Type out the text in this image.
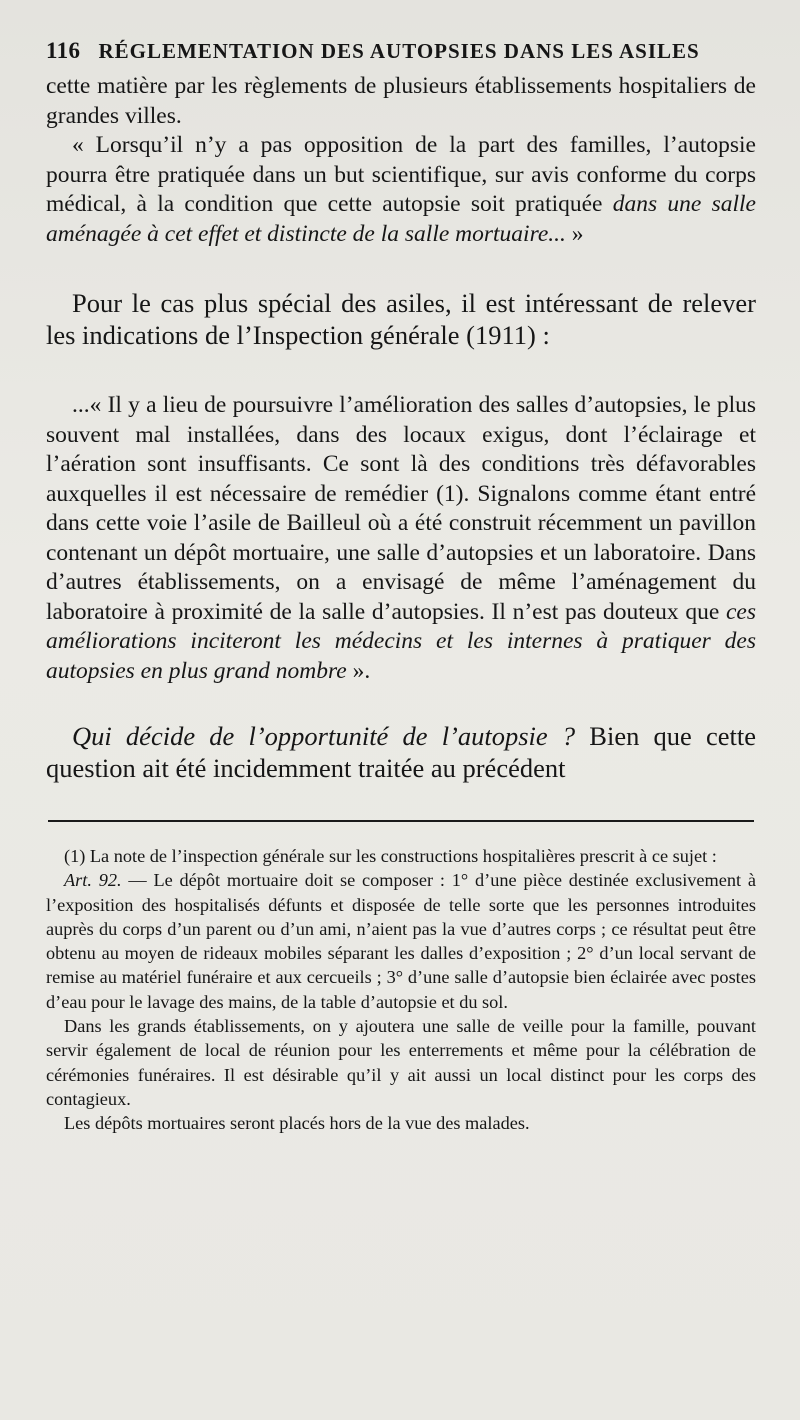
116 RÉGLEMENTATION DES AUTOPSIES DANS LES ASILES

cette matière par les règlements de plusieurs établissements hospitaliers de grandes villes.

« Lorsqu’il n’y a pas opposition de la part des familles, l’autopsie pourra être pratiquée dans un but scientifique, sur avis conforme du corps médical, à la condition que cette autopsie soit pratiquée dans une salle aménagée à cet effet et distincte de la salle mortuaire... »

Pour le cas plus spécial des asiles, il est intéressant de relever les indications de l’Inspection générale (1911) :

...« Il y a lieu de poursuivre l’amélioration des salles d’autopsies, le plus souvent mal installées, dans des locaux exigus, dont l’éclairage et l’aération sont insuffisants. Ce sont là des conditions très défavorables auxquelles il est nécessaire de remédier (1). Signalons comme étant entré dans cette voie l’asile de Bailleul où a été construit récemment un pavillon contenant un dépôt mortuaire, une salle d’autopsies et un laboratoire. Dans d’autres établissements, on a envisagé de même l’aménagement du laboratoire à proximité de la salle d’autopsies. Il n’est pas douteux que ces améliorations inciteront les médecins et les internes à pratiquer des autopsies en plus grand nombre ».

Qui décide de l’opportunité de l’autopsie ? Bien que cette question ait été incidemment traitée au précédent

(1) La note de l’inspection générale sur les constructions hospitalières prescrit à ce sujet :

Art. 92. — Le dépôt mortuaire doit se composer : 1° d’une pièce destinée exclusivement à l’exposition des hospitalisés défunts et disposée de telle sorte que les personnes introduites auprès du corps d’un parent ou d’un ami, n’aient pas la vue d’autres corps ; ce résultat peut être obtenu au moyen de rideaux mobiles séparant les dalles d’exposition ; 2° d’un local servant de remise au matériel funéraire et aux cercueils ; 3° d’une salle d’autopsie bien éclairée avec postes d’eau pour le lavage des mains, de la table d’autopsie et du sol.

Dans les grands établissements, on y ajoutera une salle de veille pour la famille, pouvant servir également de local de réunion pour les enterrements et même pour la célébration de cérémonies funéraires. Il est désirable qu’il y ait aussi un local distinct pour les corps des contagieux.

Les dépôts mortuaires seront placés hors de la vue des malades.
